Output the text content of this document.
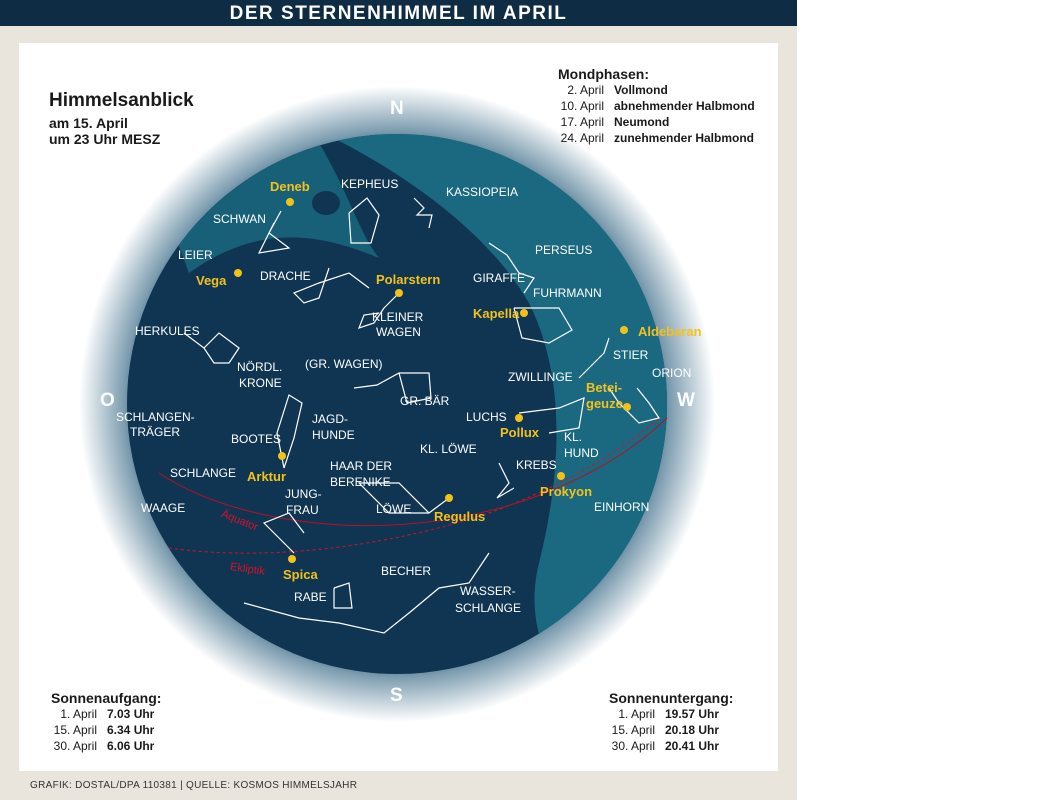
DER STERNENHIMMEL IM APRIL
Himmelsanblick
am 15. April
um 23 Uhr MESZ
Mondphasen:
2. April Vollmond
10. April abnehmender Halbmond
17. April Neumond
24. April zunehmender Halbmond
N
S
O	W
KEPHEUS
KASSIOPEIA
SCHWAN
PERSEUS
LEIER
DRACHE	GIRAFFE
FUHRMANN
HERKULES
KLEINER
WAGEN
STIER
NÖRDL.
KRONE
(GR. WAGEN)
ZWILLINGE	ORION
GR. BÄR
SCHLANGEN-
TRÄGER
JAGD-
HUNDE
LUCHS
BOOTES
KL. LÖWE
KL.
HUND
SCHLANGE	HAAR DER
BERENIKE
KREBS
JUNG-
FRAU
WAAGE	LÖWE	EINHORN
BECHER
RABE	WASSER-
SCHLANGE
Deneb
Vega	Polarstern
Kapella
Aldebaran
Betei-
geuze
Pollux
Arktur
Prokyon
Regulus
Spica
Äquator
Ekliptik
Sonnenaufgang:
1. April 7.03 Uhr
15. April 6.34 Uhr
30. April 6.06 Uhr
Sonnenuntergang:
1. April 19.57 Uhr
15. April 20.18 Uhr
30. April 20.41 Uhr
GRAFIK: DOSTAL/DPA 110381 | QUELLE: KOSMOS HIMMELSJAHR
